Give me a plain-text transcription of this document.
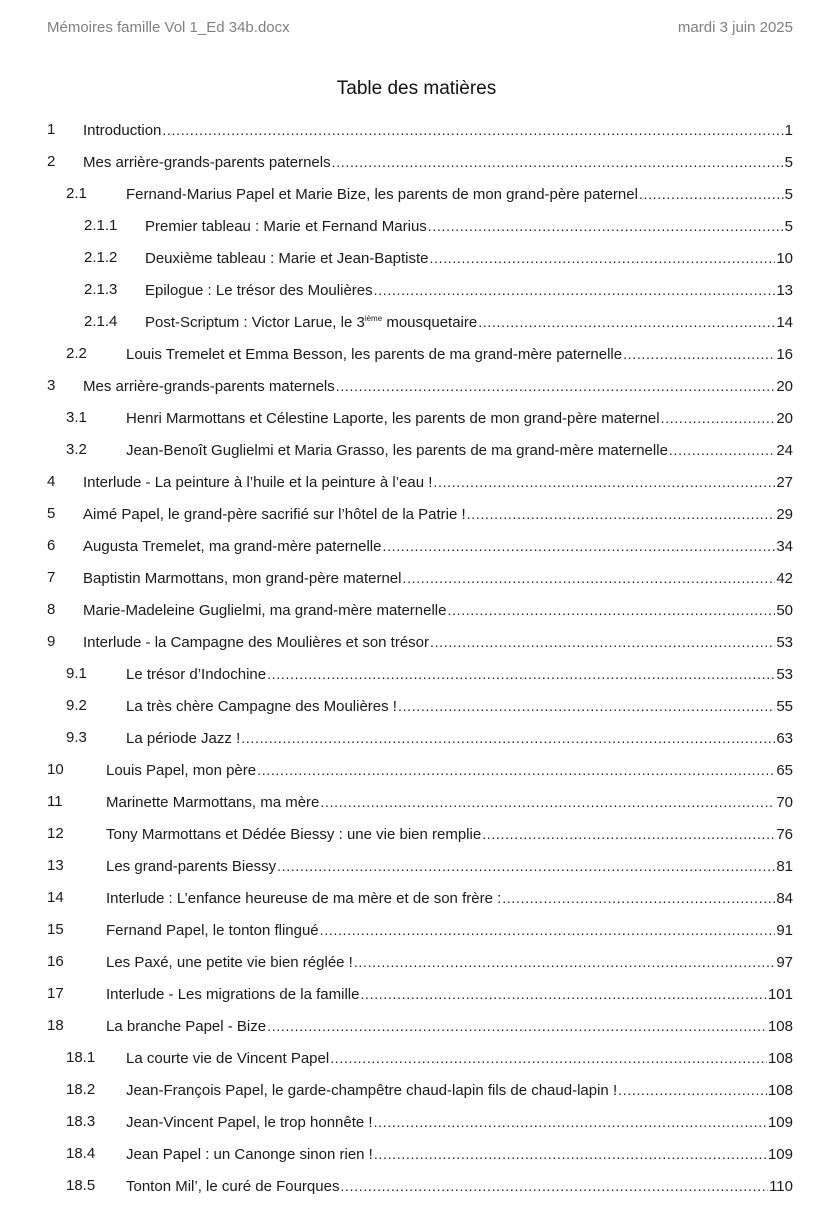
Mémoires famille Vol 1_Ed 34b.docx	mardi 3 juin 2025
Table des matières
1 Introduction . . .	1
2 Mes arrière-grands-parents paternels . . .	5
2.1	Fernand-Marius Papel et Marie Bize, les parents de mon grand-père paternel . . .	5
2.1.1 Premier tableau : Marie et Fernand Marius . . .	5
2.1.2 Deuxième tableau : Marie et Jean-Baptiste . . .	10
2.1.3 Epilogue : Le trésor des Moulières . . .	13
2.1.4 Post-Scriptum : Victor Larue, le 3ième mousquetaire . . .	14
2.2	Louis Tremelet et Emma Besson, les parents de ma grand-mère paternelle . . .	16
3 Mes arrière-grands-parents maternels . . .	20
3.1	Henri Marmottans et Célestine Laporte, les parents de mon grand-père maternel . . .	20
3.2	Jean-Benoît Guglielmi et Maria Grasso, les parents de ma grand-mère maternelle . . .	24
4 Interlude - La peinture à l’huile et la peinture à l’eau ! . . .	27
5 Aimé Papel, le grand-père sacrifié sur l’hôtel de la Patrie ! . . .	29
6 Augusta Tremelet, ma grand-mère paternelle . . .	34
7 Baptistin Marmottans, mon grand-père maternel . . .	42
8 Marie-Madeleine Guglielmi, ma grand-mère maternelle . . .	50
9 Interlude - la Campagne des Moulières et son trésor . . .	53
9.1	Le trésor d’Indochine . . .	53
9.2	La très chère Campagne des Moulières ! . . .	55
9.3	La période Jazz ! . . .	63
10	Louis Papel, mon père . . .	65
11	Marinette Marmottans, ma mère . . .	70
12	Tony Marmottans et Dédée Biessy : une vie bien remplie . . .	76
13	Les grand-parents Biessy . . .	81
14	Interlude : L’enfance heureuse de ma mère et de son frère : . . .	84
15	Fernand Papel, le tonton flingué . . .	91
16	Les Paxé, une petite vie bien réglée ! . . .	97
17	Interlude - Les migrations de la famille . . .	101
18	La branche Papel - Bize . . .	108
18.1 La courte vie de Vincent Papel . . .	108
18.2 Jean-François Papel, le garde-champêtre chaud-lapin fils de chaud-lapin ! . . .	108
18.3 Jean-Vincent Papel, le trop honnête ! . . .	109
18.4 Jean Papel : un Canonge sinon rien ! . . .	109
18.5 Tonton Mil’, le curé de Fourques . . .	110
